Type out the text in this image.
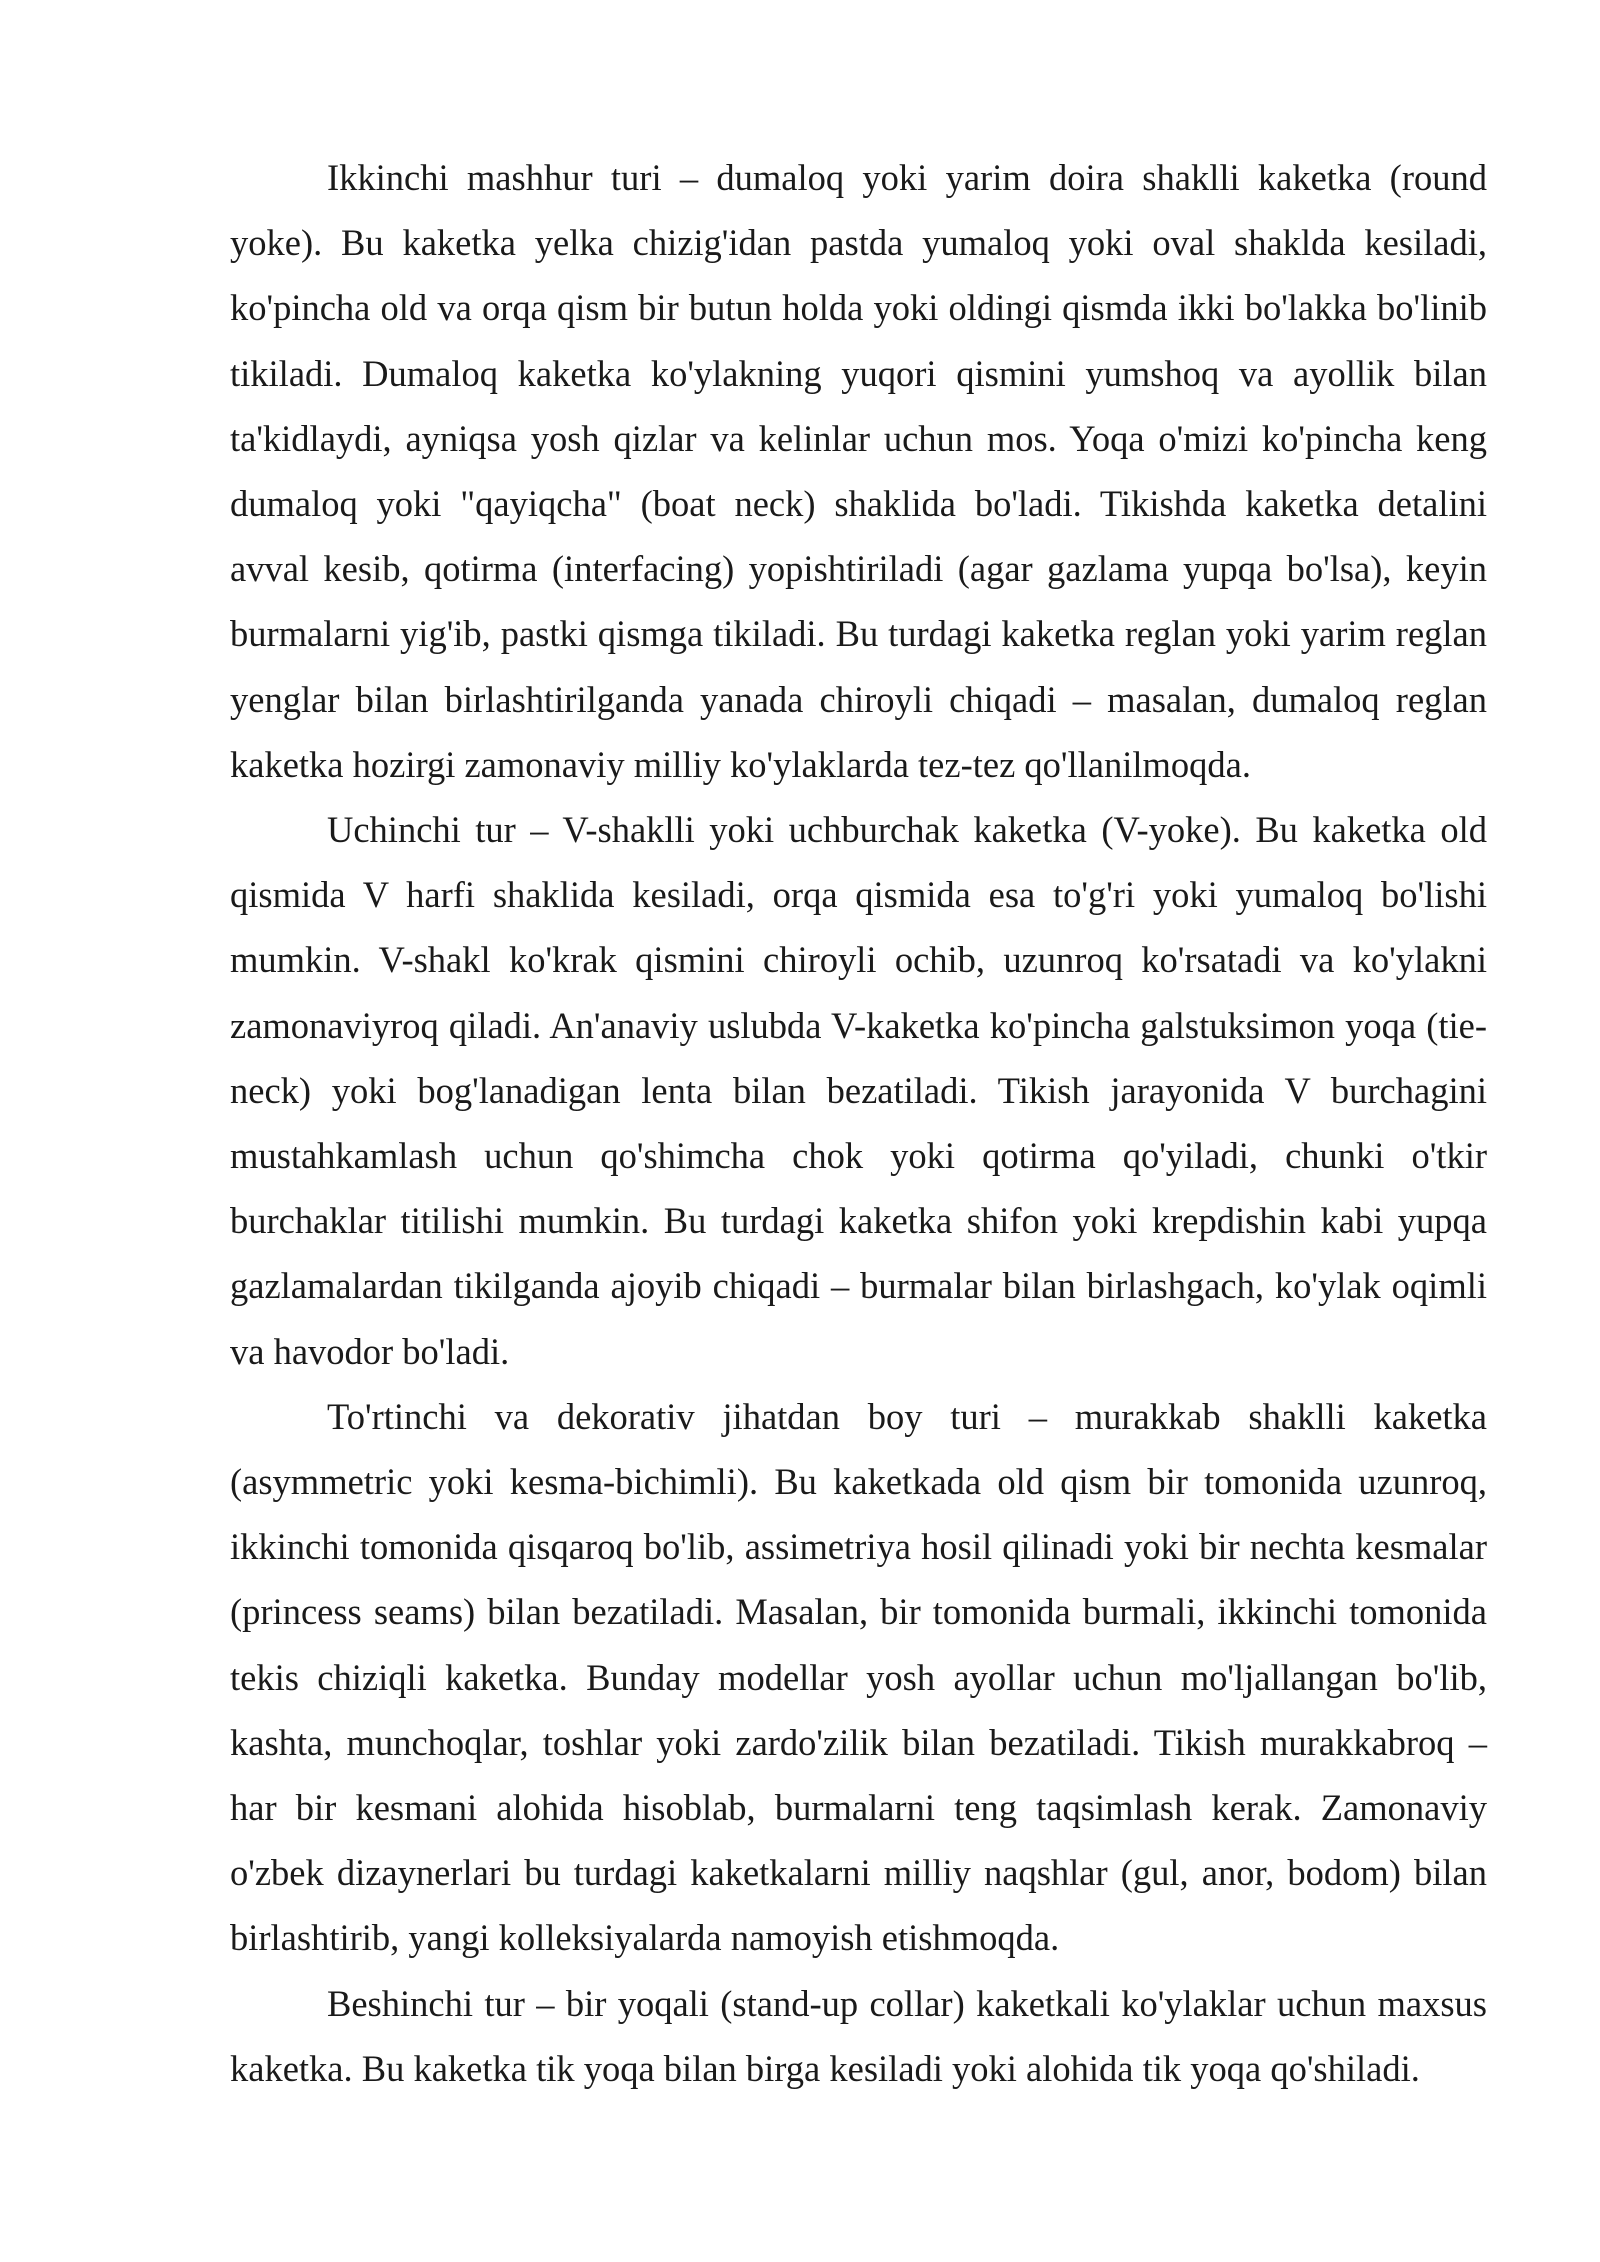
Ikkinchi mashhur turi – dumaloq yoki yarim doira shaklli kaketka (round yoke). Bu kaketka yelka chizig'idan pastda yumaloq yoki oval shaklda kesiladi, ko'pincha old va orqa qism bir butun holda yoki oldingi qismda ikki bo'lakka bo'linib tikiladi. Dumaloq kaketka ko'ylakning yuqori qismini yumshoq va ayollik bilan ta'kidlaydi, ayniqsa yosh qizlar va kelinlar uchun mos. Yoqa o'mizi ko'pincha keng dumaloq yoki "qayiqcha" (boat neck) shaklida bo'ladi. Tikishda kaketka detalini avval kesib, qotirma (interfacing) yopishtiriladi (agar gazlama yupqa bo'lsa), keyin burmalarni yig'ib, pastki qismga tikiladi. Bu turdagi kaketka reglan yoki yarim reglan yenglar bilan birlashtirilganda yanada chiroyli chiqadi – masalan, dumaloq reglan kaketka hozirgi zamonaviy milliy ko'ylaklarda tez-tez qo'llanilmoqda.

Uchinchi tur – V-shaklli yoki uchburchak kaketka (V-yoke). Bu kaketka old qismida V harfi shaklida kesiladi, orqa qismida esa to'g'ri yoki yumaloq bo'lishi mumkin. V-shakl ko'krak qismini chiroyli ochib, uzunroq ko'rsatadi va ko'ylakni zamonaviyroq qiladi. An'anaviy uslubda V-kaketka ko'pincha galstuksimon yoqa (tie-neck) yoki bog'lanadigan lenta bilan bezatiladi. Tikish jarayonida V burchagini mustahkamlash uchun qo'shimcha chok yoki qotirma qo'yiladi, chunki o'tkir burchaklar titilishi mumkin. Bu turdagi kaketka shifon yoki krepdishin kabi yupqa gazlamalardan tikilganda ajoyib chiqadi – burmalar bilan birlashgach, ko'ylak oqimli va havodor bo'ladi.

To'rtinchi va dekorativ jihatdan boy turi – murakkab shaklli kaketka (asymmetric yoki kesma-bichimli). Bu kaketkada old qism bir tomonida uzunroq, ikkinchi tomonida qisqaroq bo'lib, assimetriya hosil qilinadi yoki bir nechta kesmalar (princess seams) bilan bezatiladi. Masalan, bir tomonida burmali, ikkinchi tomonida tekis chiziqli kaketka. Bunday modellar yosh ayollar uchun mo'ljallangan bo'lib, kashta, munchoqlar, toshlar yoki zardo'zilik bilan bezatiladi. Tikish murakkabroq – har bir kesmani alohida hisoblab, burmalarni teng taqsimlash kerak. Zamonaviy o'zbek dizaynerlari bu turdagi kaketkalarni milliy naqshlar (gul, anor, bodom) bilan birlashtirib, yangi kolleksiyalarda namoyish etishmoqda.

Beshinchi tur – bir yoqali (stand-up collar) kaketkali ko'ylaklar uchun maxsus kaketka. Bu kaketka tik yoqa bilan birga kesiladi yoki alohida tik yoqa qo'shiladi.
